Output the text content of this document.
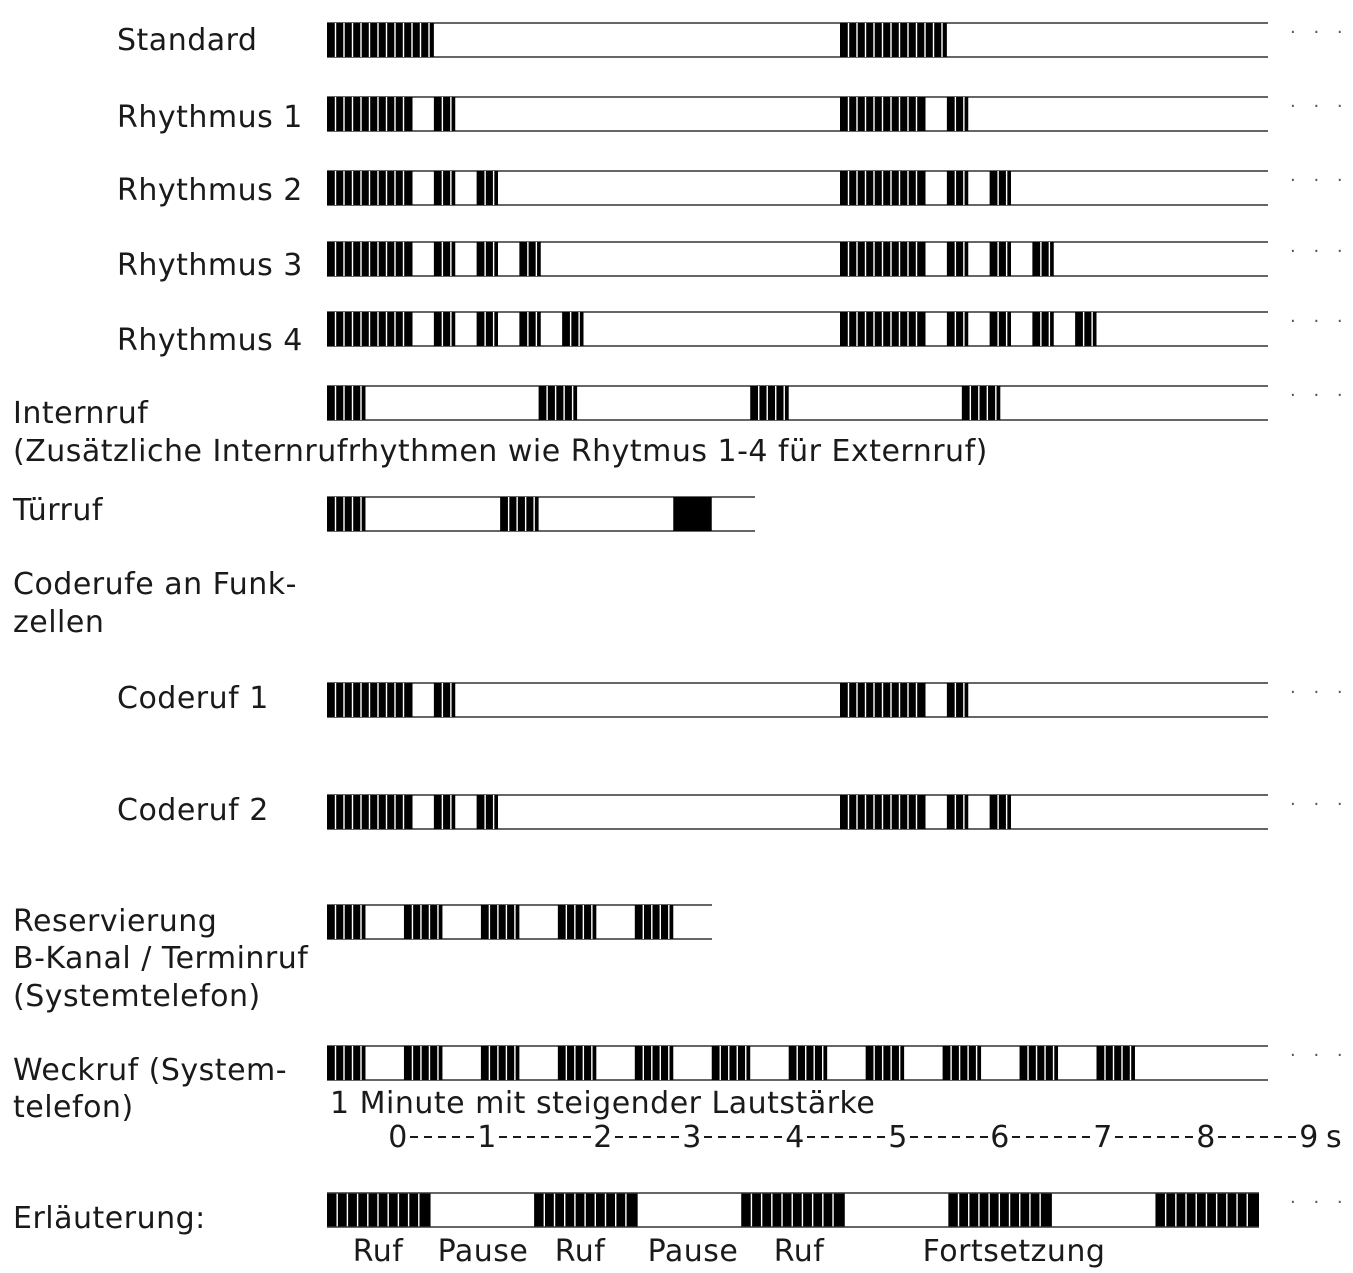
Standard	. . .
Rhythmus 1	. . .
Rhythmus 2	. . .
Rhythmus 3
. . .
Rhythmus 4
. . .
Internruf
(Zusätzliche Internrufrhythmen wie Rhytmus 1-4 für Externruf)
. . .
Türruf
Coderufe an Funk-
zellen
Coderuf 1	. . .
Coderuf 2	. . .
Reservierung
B-Kanal / Terminruf
(Systemtelefon)
Weckruf (System-
telefon)
. . .
1 Minute mit steigender Lautstärke
0 1	2 3	4	5	6	7	8	9 s
Erläuterung:
. . .
Ruf Pause Ruf Pause Ruf	Fortsetzung
